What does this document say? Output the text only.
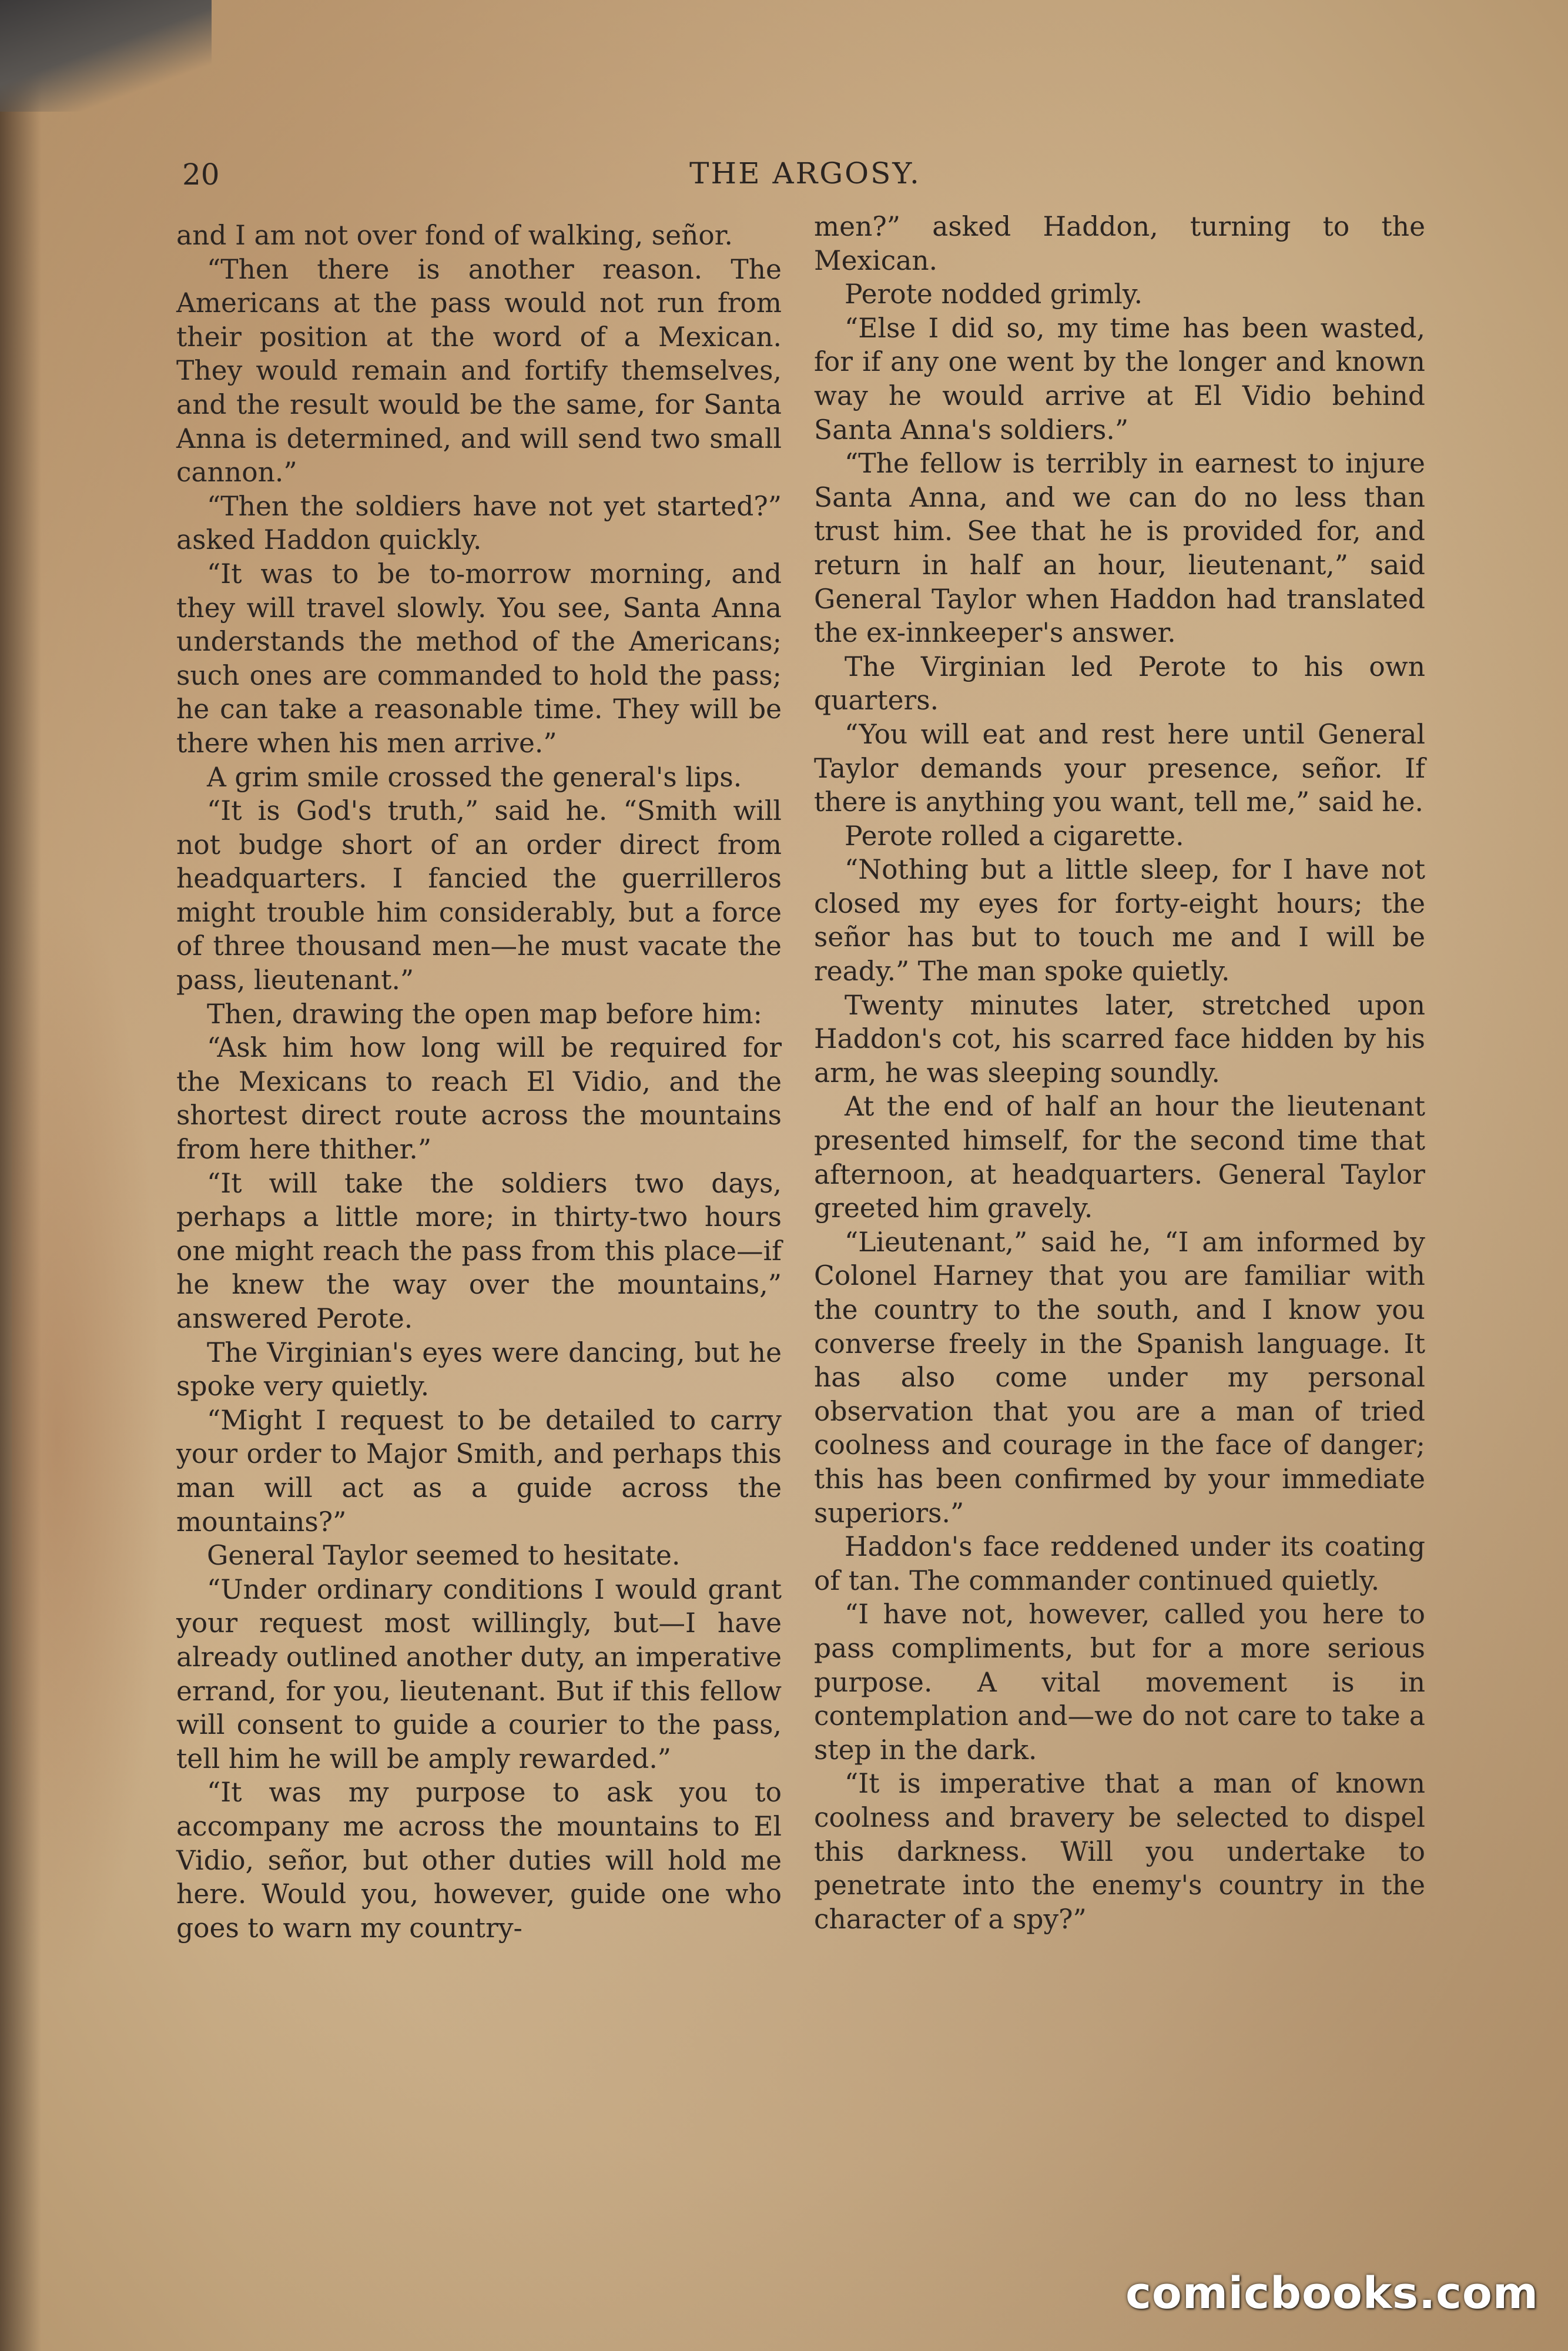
20	THE ARGOSY.

and I am not over fond of walking, señor.

“Then there is another reason. The Americans at the pass would not run from their position at the word of a Mexican. They would remain and fortify themselves, and the result would be the same, for Santa Anna is determined, and will send two small cannon.”

“Then the soldiers have not yet started?” asked Haddon quickly.

“It was to be to-morrow morning, and they will travel slowly. You see, Santa Anna understands the method of the Americans; such ones are commanded to hold the pass; he can take a reasonable time. They will be there when his men arrive.”

A grim smile crossed the general's lips.

“It is God's truth,” said he. “Smith will not budge short of an order direct from headquarters. I fancied the guerrilleros might trouble him considerably, but a force of three thousand men—he must vacate the pass, lieutenant.”

Then, drawing the open map before him:

“Ask him how long will be required for the Mexicans to reach El Vidio, and the shortest direct route across the mountains from here thither.”

“It will take the soldiers two days, perhaps a little more; in thirty-two hours one might reach the pass from this place—if he knew the way over the mountains,” answered Perote.

The Virginian's eyes were dancing, but he spoke very quietly.

“Might I request to be detailed to carry your order to Major Smith, and perhaps this man will act as a guide across the mountains?”

General Taylor seemed to hesitate.

“Under ordinary conditions I would grant your request most willingly, but—I have already outlined another duty, an imperative errand, for you, lieutenant. But if this fellow will consent to guide a courier to the pass, tell him he will be amply rewarded.”

“It was my purpose to ask you to accompany me across the mountains to El Vidio, señor, but other duties will hold me here. Would you, however, guide one who goes to warn my country-

men?” asked Haddon, turning to the Mexican.

Perote nodded grimly.

“Else I did so, my time has been wasted, for if any one went by the longer and known way he would arrive at El Vidio behind Santa Anna's soldiers.”

“The fellow is terribly in earnest to injure Santa Anna, and we can do no less than trust him. See that he is provided for, and return in half an hour, lieutenant,” said General Taylor when Haddon had translated the ex-innkeeper's answer.

The Virginian led Perote to his own quarters.

“You will eat and rest here until General Taylor demands your presence, señor. If there is anything you want, tell me,” said he.

Perote rolled a cigarette.

“Nothing but a little sleep, for I have not closed my eyes for forty-eight hours; the señor has but to touch me and I will be ready.” The man spoke quietly.

Twenty minutes later, stretched upon Haddon's cot, his scarred face hidden by his arm, he was sleeping soundly.

At the end of half an hour the lieutenant presented himself, for the second time that afternoon, at headquarters. General Taylor greeted him gravely.

“Lieutenant,” said he, “I am informed by Colonel Harney that you are familiar with the country to the south, and I know you converse freely in the Spanish language. It has also come under my personal observation that you are a man of tried coolness and courage in the face of danger; this has been confirmed by your immediate superiors.”

Haddon's face reddened under its coating of tan. The commander continued quietly.

“I have not, however, called you here to pass compliments, but for a more serious purpose. A vital movement is in contemplation and—we do not care to take a step in the dark.

“It is imperative that a man of known coolness and bravery be selected to dispel this darkness. Will you undertake to penetrate into the enemy's country in the character of a spy?”

comicbooks.com
